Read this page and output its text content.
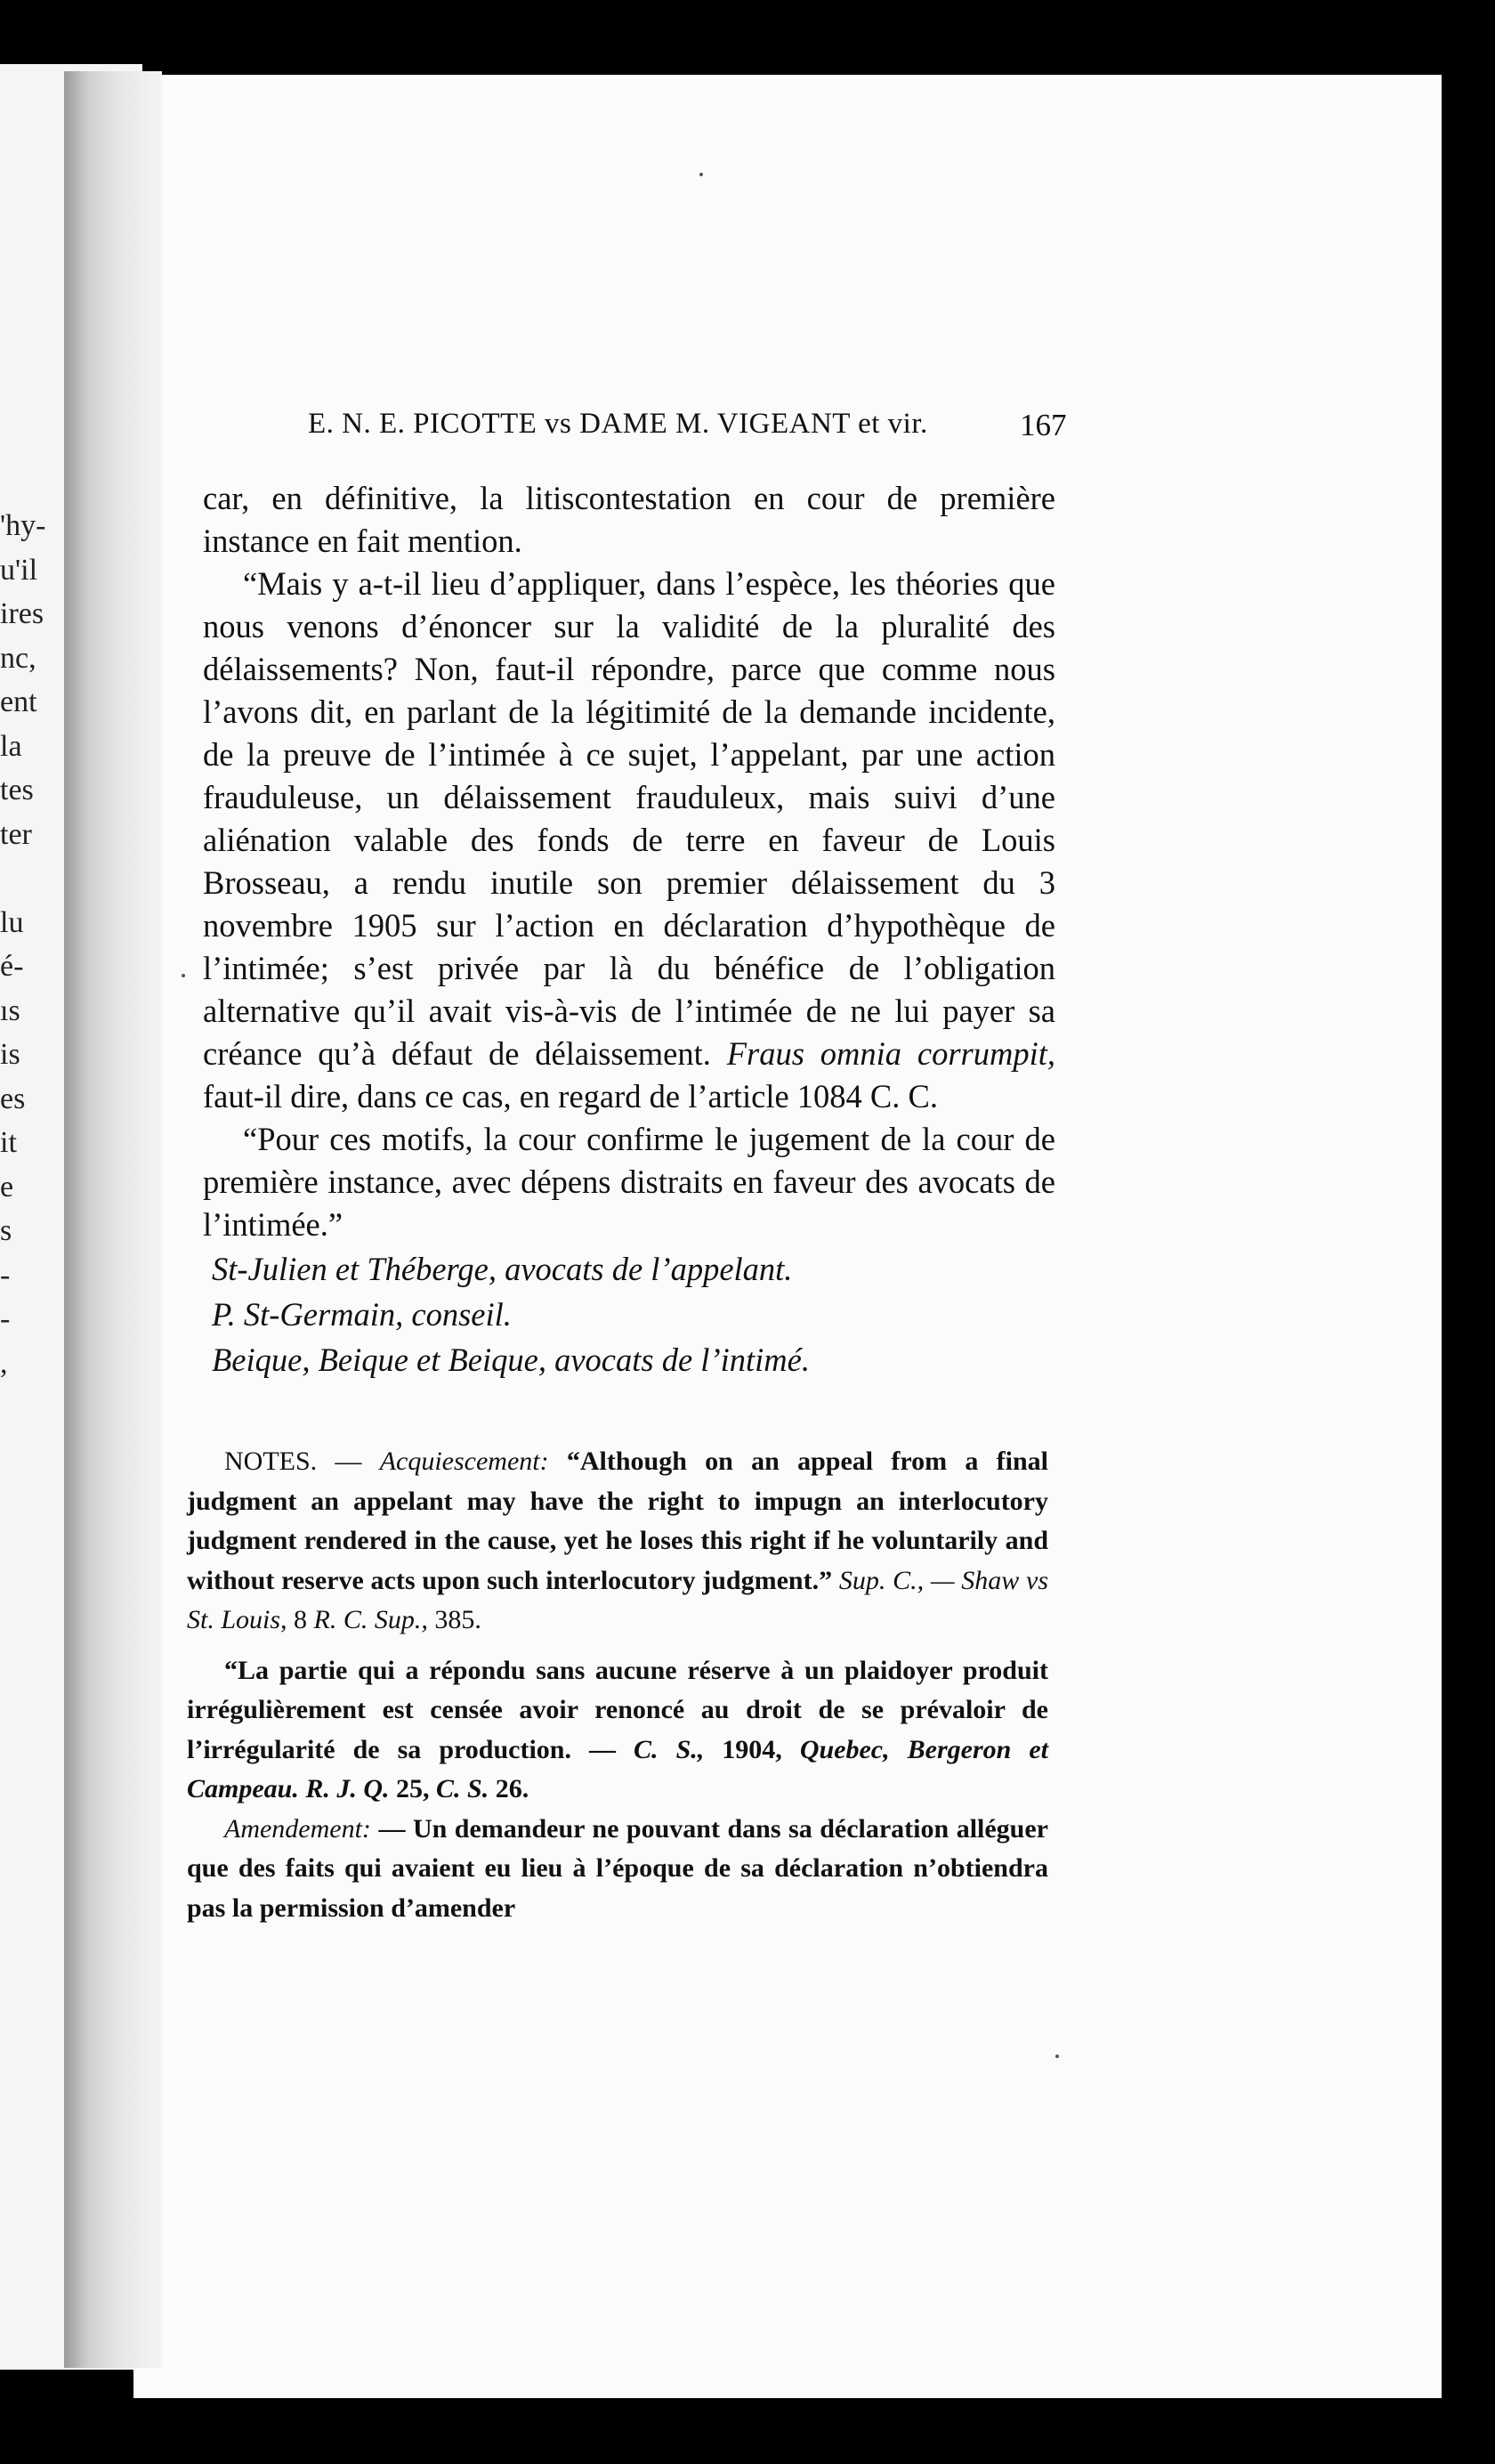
'hy-
u'il
ires
nc,
ent
la
tes
ter
lu
é-
ıs
is
es
it
e
s
-
-
,
E. N. E. PICOTTE vs DAME M. VIGEANT et vir.	167

car, en définitive, la litiscontestation en cour de première instance en fait mention.

“Mais y a-t-il lieu d’appliquer, dans l’espèce, les théories que nous venons d’énoncer sur la validité de la pluralité des délaissements? Non, faut-il répondre, parce que comme nous l’avons dit, en parlant de la légitimité de la demande incidente, de la preuve de l’intimée à ce sujet, l’appelant, par une action frauduleuse, un délaissement frauduleux, mais suivi d’une aliénation valable des fonds de terre en faveur de Louis Brosseau, a rendu inutile son premier délaissement du 3 novembre 1905 sur l’action en déclaration d’hypothèque de l’intimée; s’est privée par là du bénéfice de l’obligation alternative qu’il avait vis-à-vis de l’intimée de ne lui payer sa créance qu’à défaut de délaissement. Fraus omnia corrumpit, faut-il dire, dans ce cas, en regard de l’article 1084 C. C.

“Pour ces motifs, la cour confirme le jugement de la cour de première instance, avec dépens distraits en faveur des avocats de l’intimée.”

St-Julien et Théberge, avocats de l’appelant.

P. St-Germain, conseil.

Beique, Beique et Beique, avocats de l’intimé.

NOTES. — Acquiescement: “Although on an appeal from a final judgment an appelant may have the right to impugn an interlocutory judgment rendered in the cause, yet he loses this right if he voluntarily and without reserve acts upon such interlocutory judgment.” Sup. C., — Shaw vs St. Louis, 8 R. C. Sup., 385.

“La partie qui a répondu sans aucune réserve à un plaidoyer produit irrégulièrement est censée avoir renoncé au droit de se prévaloir de l’irrégularité de sa production. — C. S., 1904, Quebec, Bergeron et Campeau. R. J. Q. 25, C. S. 26.

Amendement: — Un demandeur ne pouvant dans sa déclaration alléguer que des faits qui avaient eu lieu à l’époque de sa déclaration n’obtiendra pas la permission d’amender
